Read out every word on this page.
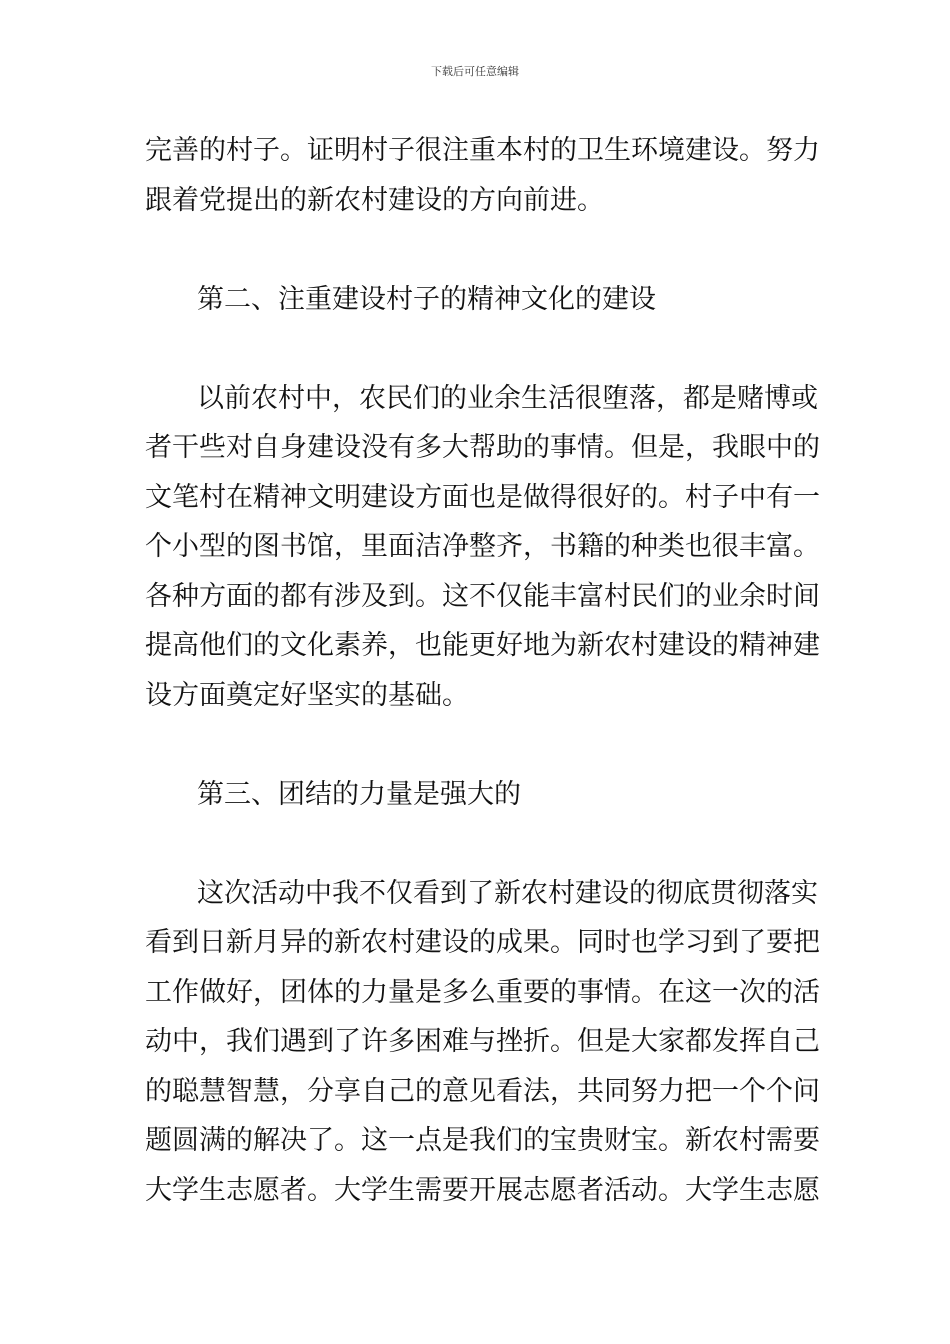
下载后可任意编辑
完善的村子。证明村子很注重本村的卫生环境建设。努力
跟着党提出的新农村建设的方向前进。
第二、注重建设村子的精神文化的建设
以前农村中，农民们的业余生活很堕落，都是赌博或
者干些对自身建设没有多大帮助的事情。但是，我眼中的
文笔村在精神文明建设方面也是做得很好的。村子中有一
个小型的图书馆，里面洁净整齐，书籍的种类也很丰富。
各种方面的都有涉及到。这不仅能丰富村民们的业余时间
提高他们的文化素养，也能更好地为新农村建设的精神建
设方面奠定好坚实的基础。
第三、团结的力量是强大的
这次活动中我不仅看到了新农村建设的彻底贯彻落实
看到日新月异的新农村建设的成果。同时也学习到了要把
工作做好，团体的力量是多么重要的事情。在这一次的活
动中，我们遇到了许多困难与挫折。但是大家都发挥自己
的聪慧智慧，分享自己的意见看法，共同努力把一个个问
题圆满的解决了。这一点是我们的宝贵财宝。新农村需要
大学生志愿者。大学生需要开展志愿者活动。大学生志愿
